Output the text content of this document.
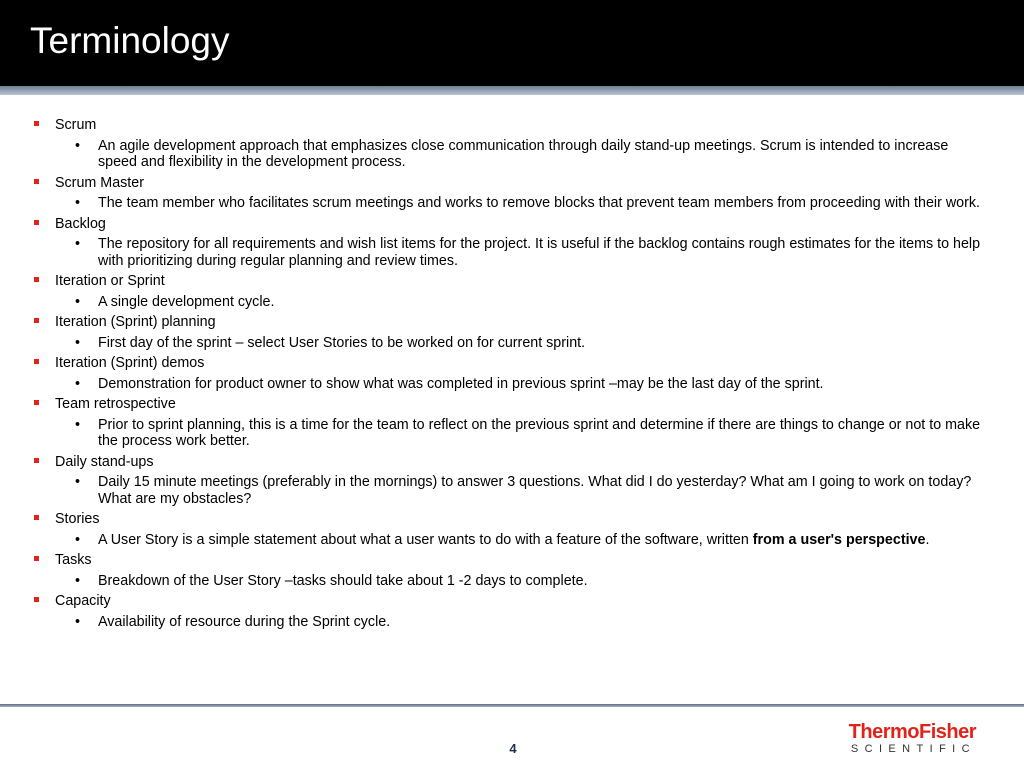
Terminology
Scrum
• An agile development approach that emphasizes close communication through daily stand-up meetings. Scrum is intended to increase speed and flexibility in the development process.
Scrum Master
• The team member who facilitates scrum meetings and works to remove blocks that prevent team members from proceeding with their work.
Backlog
• The repository for all requirements and wish list items for the project. It is useful if the backlog contains rough estimates for the items to help with prioritizing during regular planning and review times.
Iteration or Sprint
• A single development cycle.
Iteration (Sprint) planning
• First day of the sprint – select User Stories to be worked on for current sprint.
Iteration (Sprint) demos
• Demonstration for product owner to show what was completed in previous sprint –may be the last day of the sprint.
Team retrospective
• Prior to sprint planning, this is a time for the team to reflect on the previous sprint and determine if there are things to change or not to make the process work better.
Daily stand-ups
• Daily 15 minute meetings (preferably in the mornings) to answer 3 questions. What did I do yesterday? What am I going to work on today? What are my obstacles?
Stories
• A User Story is a simple statement about what a user wants to do with a feature of the software, written from a user's perspective.
Tasks
• Breakdown of the User Story –tasks should take about 1 -2 days to complete.
Capacity
• Availability of resource during the Sprint cycle.
4
ThermoFisher
SCIENTIFIC
